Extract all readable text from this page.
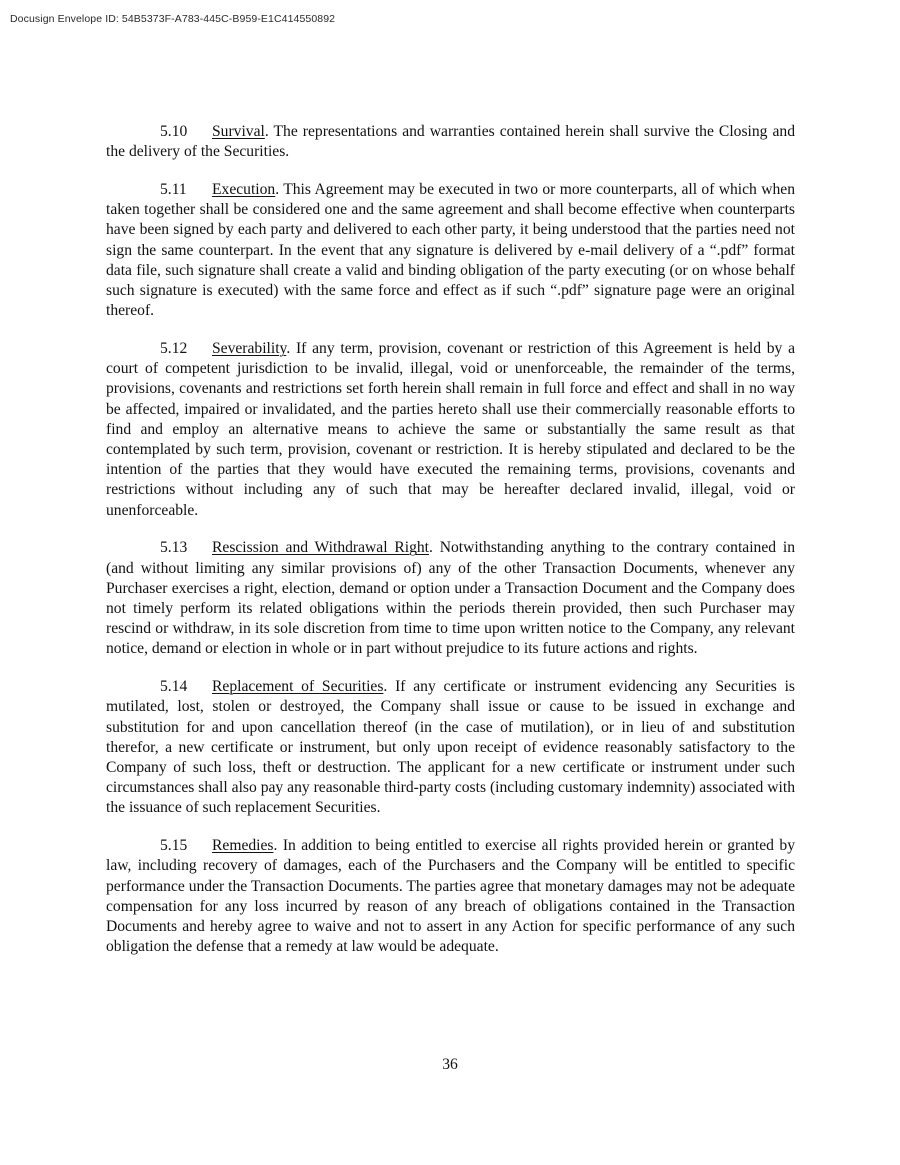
Docusign Envelope ID: 54B5373F-A783-445C-B959-E1C414550892

5.10 Survival. The representations and warranties contained herein shall survive the Closing and the delivery of the Securities.

5.11 Execution. This Agreement may be executed in two or more counterparts, all of which when taken together shall be considered one and the same agreement and shall become effective when counterparts have been signed by each party and delivered to each other party, it being understood that the parties need not sign the same counterpart. In the event that any signature is delivered by e-mail delivery of a “.pdf” format data file, such signature shall create a valid and binding obligation of the party executing (or on whose behalf such signature is executed) with the same force and effect as if such “.pdf” signature page were an original thereof.

5.12 Severability. If any term, provision, covenant or restriction of this Agreement is held by a court of competent jurisdiction to be invalid, illegal, void or unenforceable, the remainder of the terms, provisions, covenants and restrictions set forth herein shall remain in full force and effect and shall in no way be affected, impaired or invalidated, and the parties hereto shall use their commercially reasonable efforts to find and employ an alternative means to achieve the same or substantially the same result as that contemplated by such term, provision, covenant or restriction. It is hereby stipulated and declared to be the intention of the parties that they would have executed the remaining terms, provisions, covenants and restrictions without including any of such that may be hereafter declared invalid, illegal, void or unenforceable.

5.13 Rescission and Withdrawal Right. Notwithstanding anything to the contrary contained in (and without limiting any similar provisions of) any of the other Transaction Documents, whenever any Purchaser exercises a right, election, demand or option under a Transaction Document and the Company does not timely perform its related obligations within the periods therein provided, then such Purchaser may rescind or withdraw, in its sole discretion from time to time upon written notice to the Company, any relevant notice, demand or election in whole or in part without prejudice to its future actions and rights.

5.14 Replacement of Securities. If any certificate or instrument evidencing any Securities is mutilated, lost, stolen or destroyed, the Company shall issue or cause to be issued in exchange and substitution for and upon cancellation thereof (in the case of mutilation), or in lieu of and substitution therefor, a new certificate or instrument, but only upon receipt of evidence reasonably satisfactory to the Company of such loss, theft or destruction. The applicant for a new certificate or instrument under such circumstances shall also pay any reasonable third-party costs (including customary indemnity) associated with the issuance of such replacement Securities.

5.15 Remedies. In addition to being entitled to exercise all rights provided herein or granted by law, including recovery of damages, each of the Purchasers and the Company will be entitled to specific performance under the Transaction Documents. The parties agree that monetary damages may not be adequate compensation for any loss incurred by reason of any breach of obligations contained in the Transaction Documents and hereby agree to waive and not to assert in any Action for specific performance of any such obligation the defense that a remedy at law would be adequate.

36
